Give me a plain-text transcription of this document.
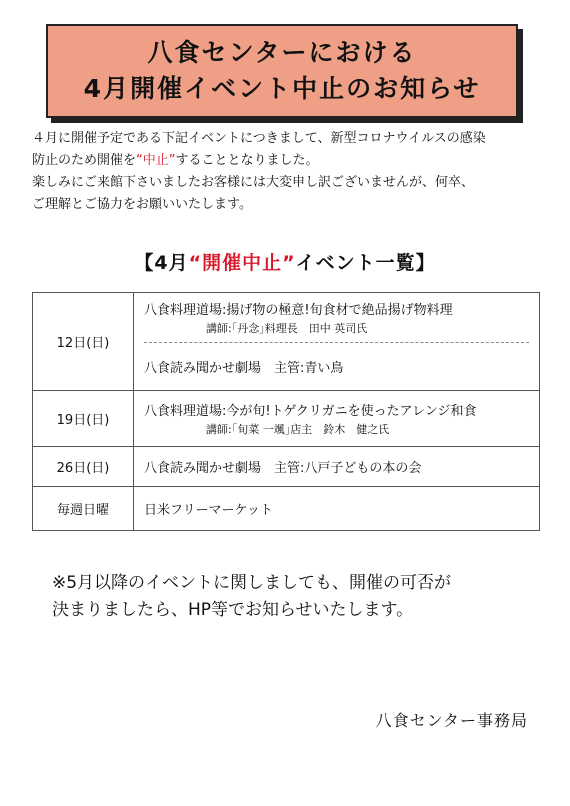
八食センターにおける
4月開催イベント中止のお知らせ

４月に開催予定である下記イベントにつきまして、新型コロナウイルスの感染

防止のため開催を“中止”することとなりました。

楽しみにご来館下さいましたお客様には大変申し訳ございませんが、何卒、

ご理解とご協力をお願いいたします。

【4月“開催中止”イベント一覧】
12日(日)	八食料理道場:揚げ物の極意!旬食材で絶品揚げ物料理
講師:｢丹念｣料理長　田中 英司氏
八食読み聞かせ劇場　主管:青い鳥

19日(日)	八食料理道場:今が旬!トゲクリガニを使ったアレンジ和食
講師:｢旬菜 一颯｣店主　鈴木　健之氏

26日(日)	八食読み聞かせ劇場　主管:八戸子どもの本の会

毎週日曜	日米フリーマーケット

※5月以降のイベントに関しましても、開催の可否が

決まりましたら、HP等でお知らせいたします。

八食センター事務局
